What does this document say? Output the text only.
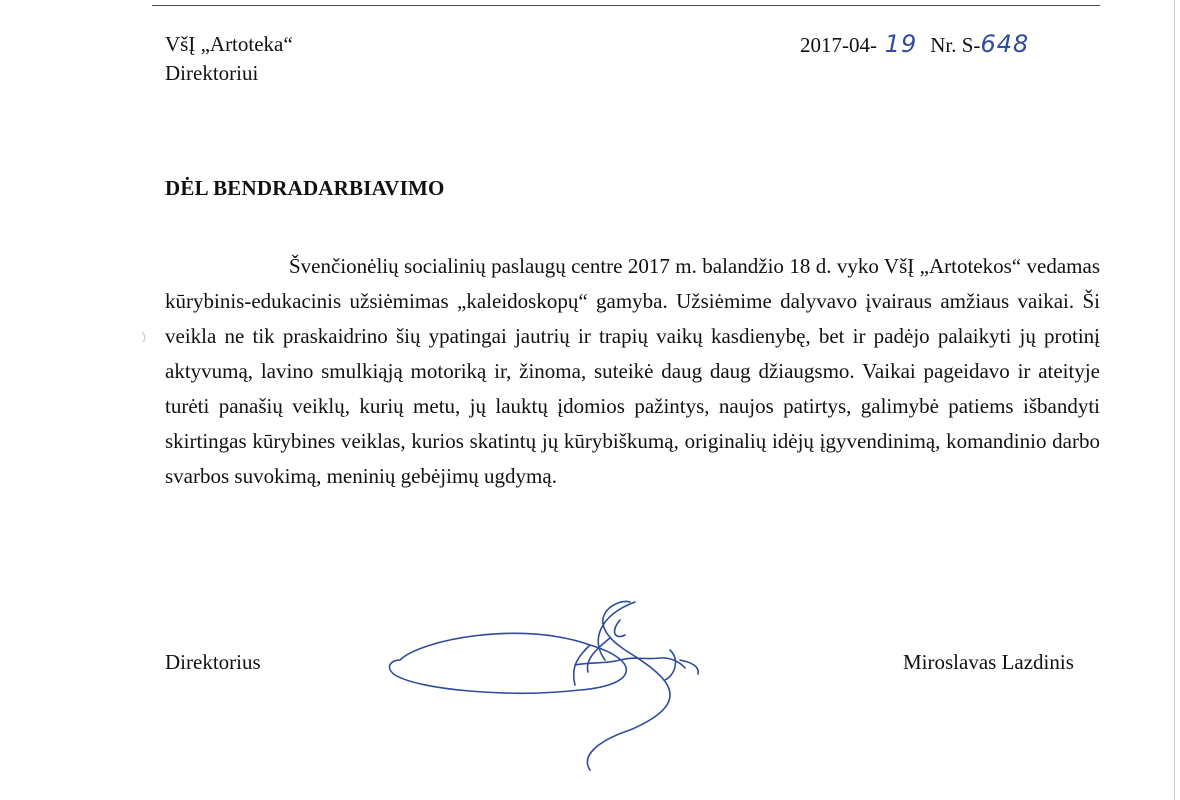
VšĮ „Artoteka“
Direktoriui
2017-04- 19 Nr. S-648
DĖL BENDRADARBIAVIMO

Švenčionėlių socialinių paslaugų centre 2017 m. balandžio 18 d. vyko VšĮ „Artotekos“ vedamas kūrybinis-edukacinis užsiėmimas „kaleidoskopų“ gamyba. Užsiėmime dalyvavo įvairaus amžiaus vaikai. Ši veikla ne tik praskaidrino šių ypatingai jautrių ir trapių vaikų kasdienybę, bet ir padėjo palaikyti jų protinį aktyvumą, lavino smulkiąją motoriką ir, žinoma, suteikė daug daug džiaugsmo. Vaikai pageidavo ir ateityje turėti panašių veiklų, kurių metu, jų lauktų įdomios pažintys, naujos patirtys, galimybė patiems išbandyti skirtingas kūrybines veiklas, kurios skatintų jų kūrybiškumą, originalių idėjų įgyvendinimą, komandinio darbo svarbos suvokimą, meninių gebėjimų ugdymą.

Direktorius	Miroslavas Lazdinis
